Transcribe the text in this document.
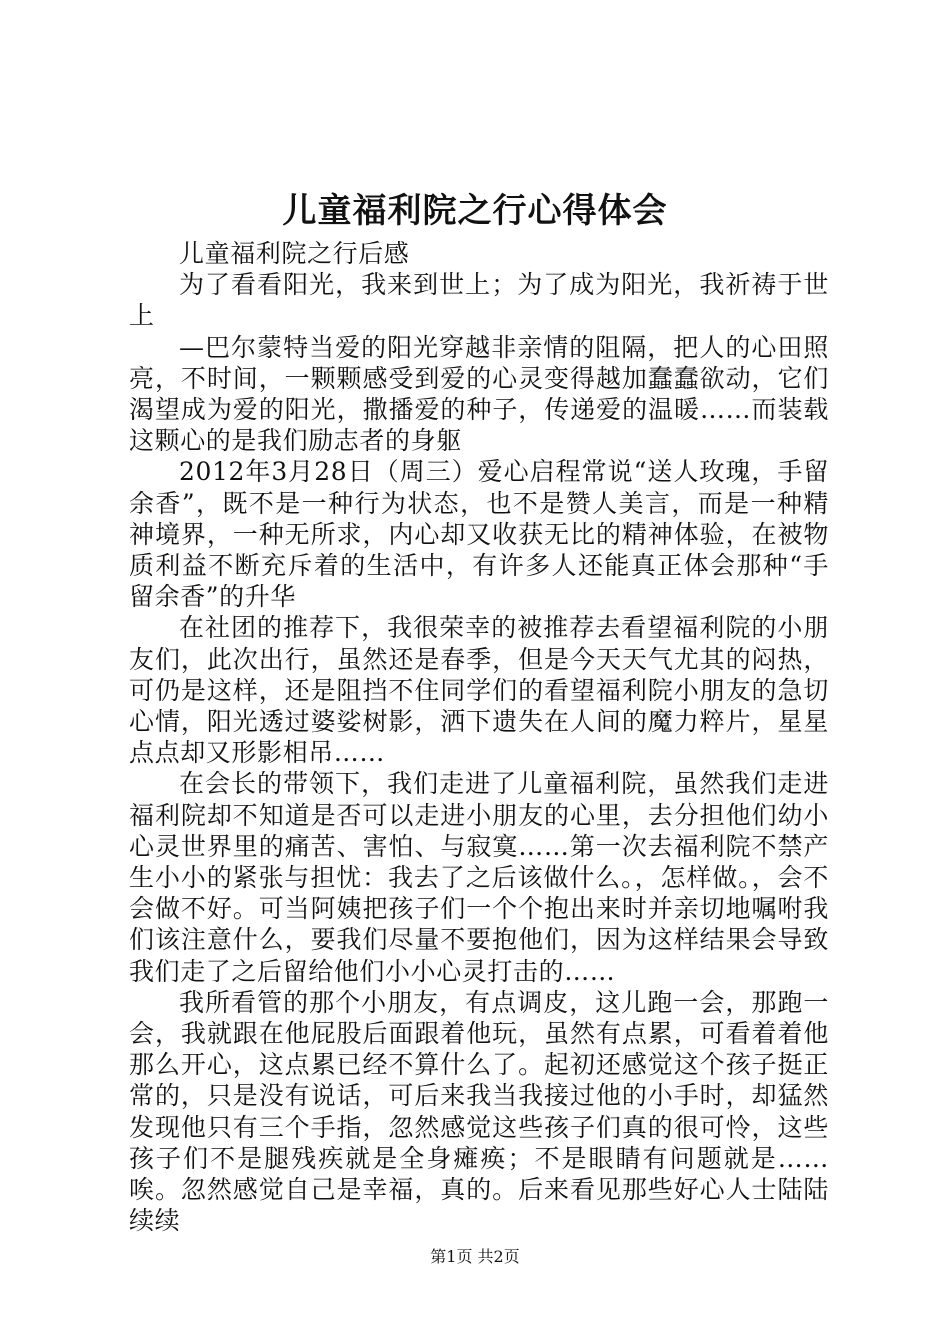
儿童福利院之行心得体会

儿童福利院之行后感

为了看看阳光，我来到世上；为了成为阳光，我祈祷于世上

—巴尔蒙特当爱的阳光穿越非亲情的阻隔，把人的心田照亮，不时间，一颗颗感受到爱的心灵变得越加蠢蠢欲动，它们渴望成为爱的阳光，撒播爱的种子，传递爱的温暖……而装载这颗心的是我们励志者的身躯

2012年3月28日（周三）爱心启程常说“送人玫瑰，手留余香”，既不是一种行为状态，也不是赞人美言，而是一种精神境界，一种无所求，内心却又收获无比的精神体验，在被物质利益不断充斥着的生活中，有许多人还能真正体会那种“手留余香”的升华

在社团的推荐下，我很荣幸的被推荐去看望福利院的小朋友们，此次出行，虽然还是春季，但是今天天气尤其的闷热，可仍是这样，还是阻挡不住同学们的看望福利院小朋友的急切心情，阳光透过婆娑树影，洒下遗失在人间的魔力粹片，星星点点却又形影相吊……

在会长的带领下，我们走进了儿童福利院，虽然我们走进福利院却不知道是否可以走进小朋友的心里，去分担他们幼小心灵世界里的痛苦、害怕、与寂寞……第一次去福利院不禁产生小小的紧张与担忧：我去了之后该做什么。，怎样做。，会不会做不好。可当阿姨把孩子们一个个抱出来时并亲切地嘱咐我们该注意什么，要我们尽量不要抱他们，因为这样结果会导致我们走了之后留给他们小小心灵打击的……

我所看管的那个小朋友，有点调皮，这儿跑一会，那跑一会，我就跟在他屁股后面跟着他玩，虽然有点累，可看着着他那么开心，这点累已经不算什么了。起初还感觉这个孩子挺正常的，只是没有说话，可后来我当我接过他的小手时，却猛然发现他只有三个手指，忽然感觉这些孩子们真的很可怜，这些孩子们不是腿残疾就是全身瘫痪；不是眼睛有问题就是……唉。忽然感觉自己是幸福，真的。后来看见那些好心人士陆陆续续

第1页 共2页
